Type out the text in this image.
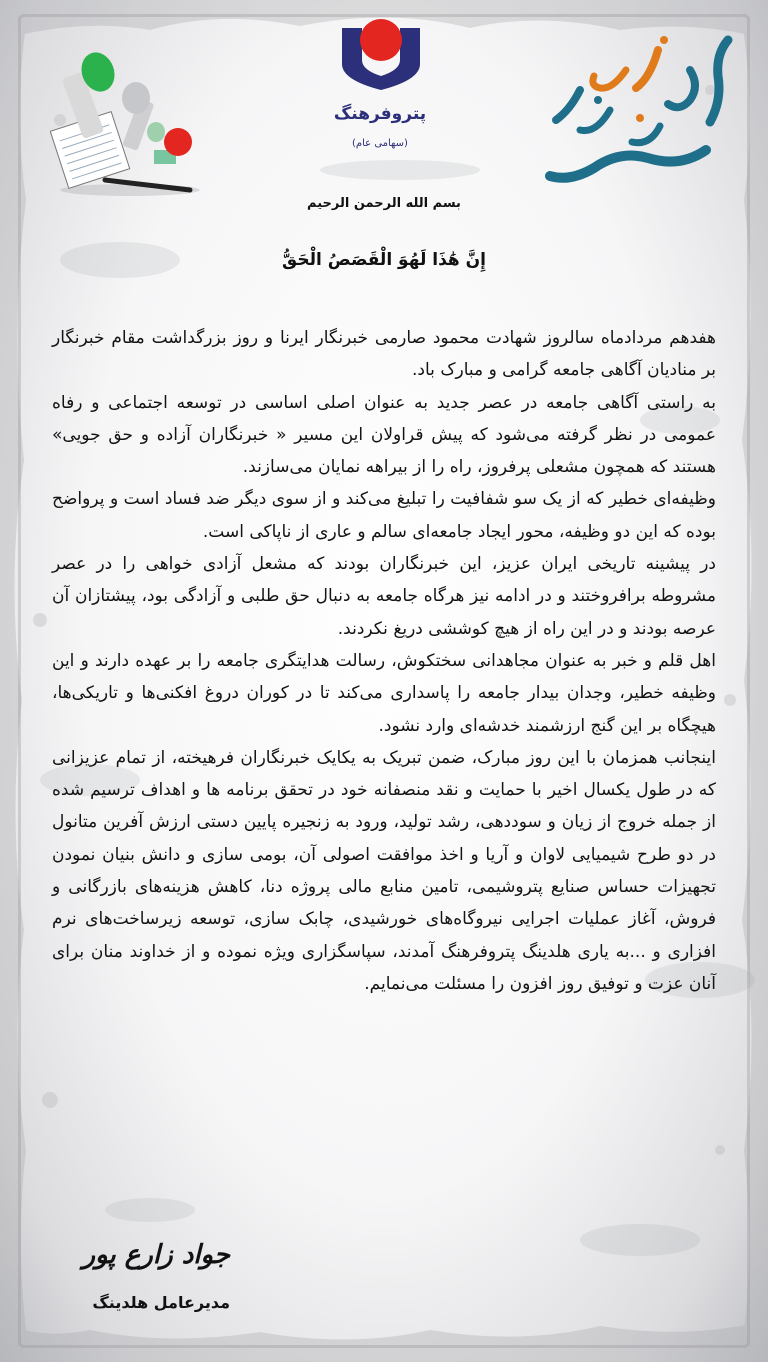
پتروفرهنگ
(سهامی عام)
بسم الله الرحمن الرحيم
إِنَّ هَٰذَا لَهُوَ الْقَصَصُ الْحَقُّ

هفدهم مردادماه سالروز شهادت محمود صارمی خبرنگار ایرنا و روز بزرگداشت مقام خبرنگار بر منادیان آگاهی جامعه گرامی و مبارک باد.

به راستی آگاهی جامعه در عصر جدید به عنوان اصلی اساسی در توسعه اجتماعی و رفاه عمومی در نظر گرفته می‌شود که پیش قراولان این مسیر « خبرنگاران آزاده و حق جویی» هستند که همچون مشعلی پرفروز، راه را از بیراهه نمایان می‌سازند.

وظیفه‌ای خطیر که از یک سو شفافیت را تبلیغ می‌کند و از سوی دیگر ضد فساد است و پرواضح بوده که این دو وظیفه، محور ایجاد جامعه‌ای سالم و عاری از ناپاکی است.

در پیشینه تاریخی ایران عزیز، این خبرنگاران بودند که مشعل آزادی خواهی را در عصر مشروطه برافروختند و در ادامه نیز هرگاه جامعه به دنبال حق طلبی و آزادگی بود، پیشتازان آن عرصه بودند و در این راه از هیچ کوششی دریغ نکردند.

اهل قلم و خبر به عنوان مجاهدانی سختکوش، رسالت هدایتگری جامعه را بر عهده دارند و این وظیفه خطیر، وجدان بیدار جامعه را پاسداری می‌کند تا در کوران دروغ افکنی‌ها و تاریکی‌ها، هیچگاه بر این گنج ارزشمند خدشه‌ای وارد نشود.

اینجانب همزمان با این روز مبارک، ضمن تبریک به یکایک خبرنگاران فرهیخته، از تمام عزیزانی که در طول یکسال اخیر با حمایت و نقد منصفانه خود در تحقق برنامه ها و اهداف ترسیم شده از جمله خروج از زیان و سوددهی، رشد تولید، ورود به زنجیره پایین دستی ارزش آفرین متانول در دو طرح شیمیایی لاوان و آریا و اخذ موافقت اصولی آن، بومی سازی و دانش بنیان نمودن تجهیزات حساس صنایع پتروشیمی، تامین منابع مالی پروژه دنا، کاهش هزینه‌های بازرگانی و فروش، آغاز عملیات اجرایی نیروگاه‌های خورشیدی، چابک سازی، توسعه زیرساخت‌های نرم افزاری و ...به یاری هلدینگ پتروفرهنگ آمدند، سپاسگزاری ویژه نموده و از خداوند منان برای آنان عزت و توفیق روز افزون را مسئلت می‌نمایم.

جواد زارع پور
مدیرعامل هلدینگ
